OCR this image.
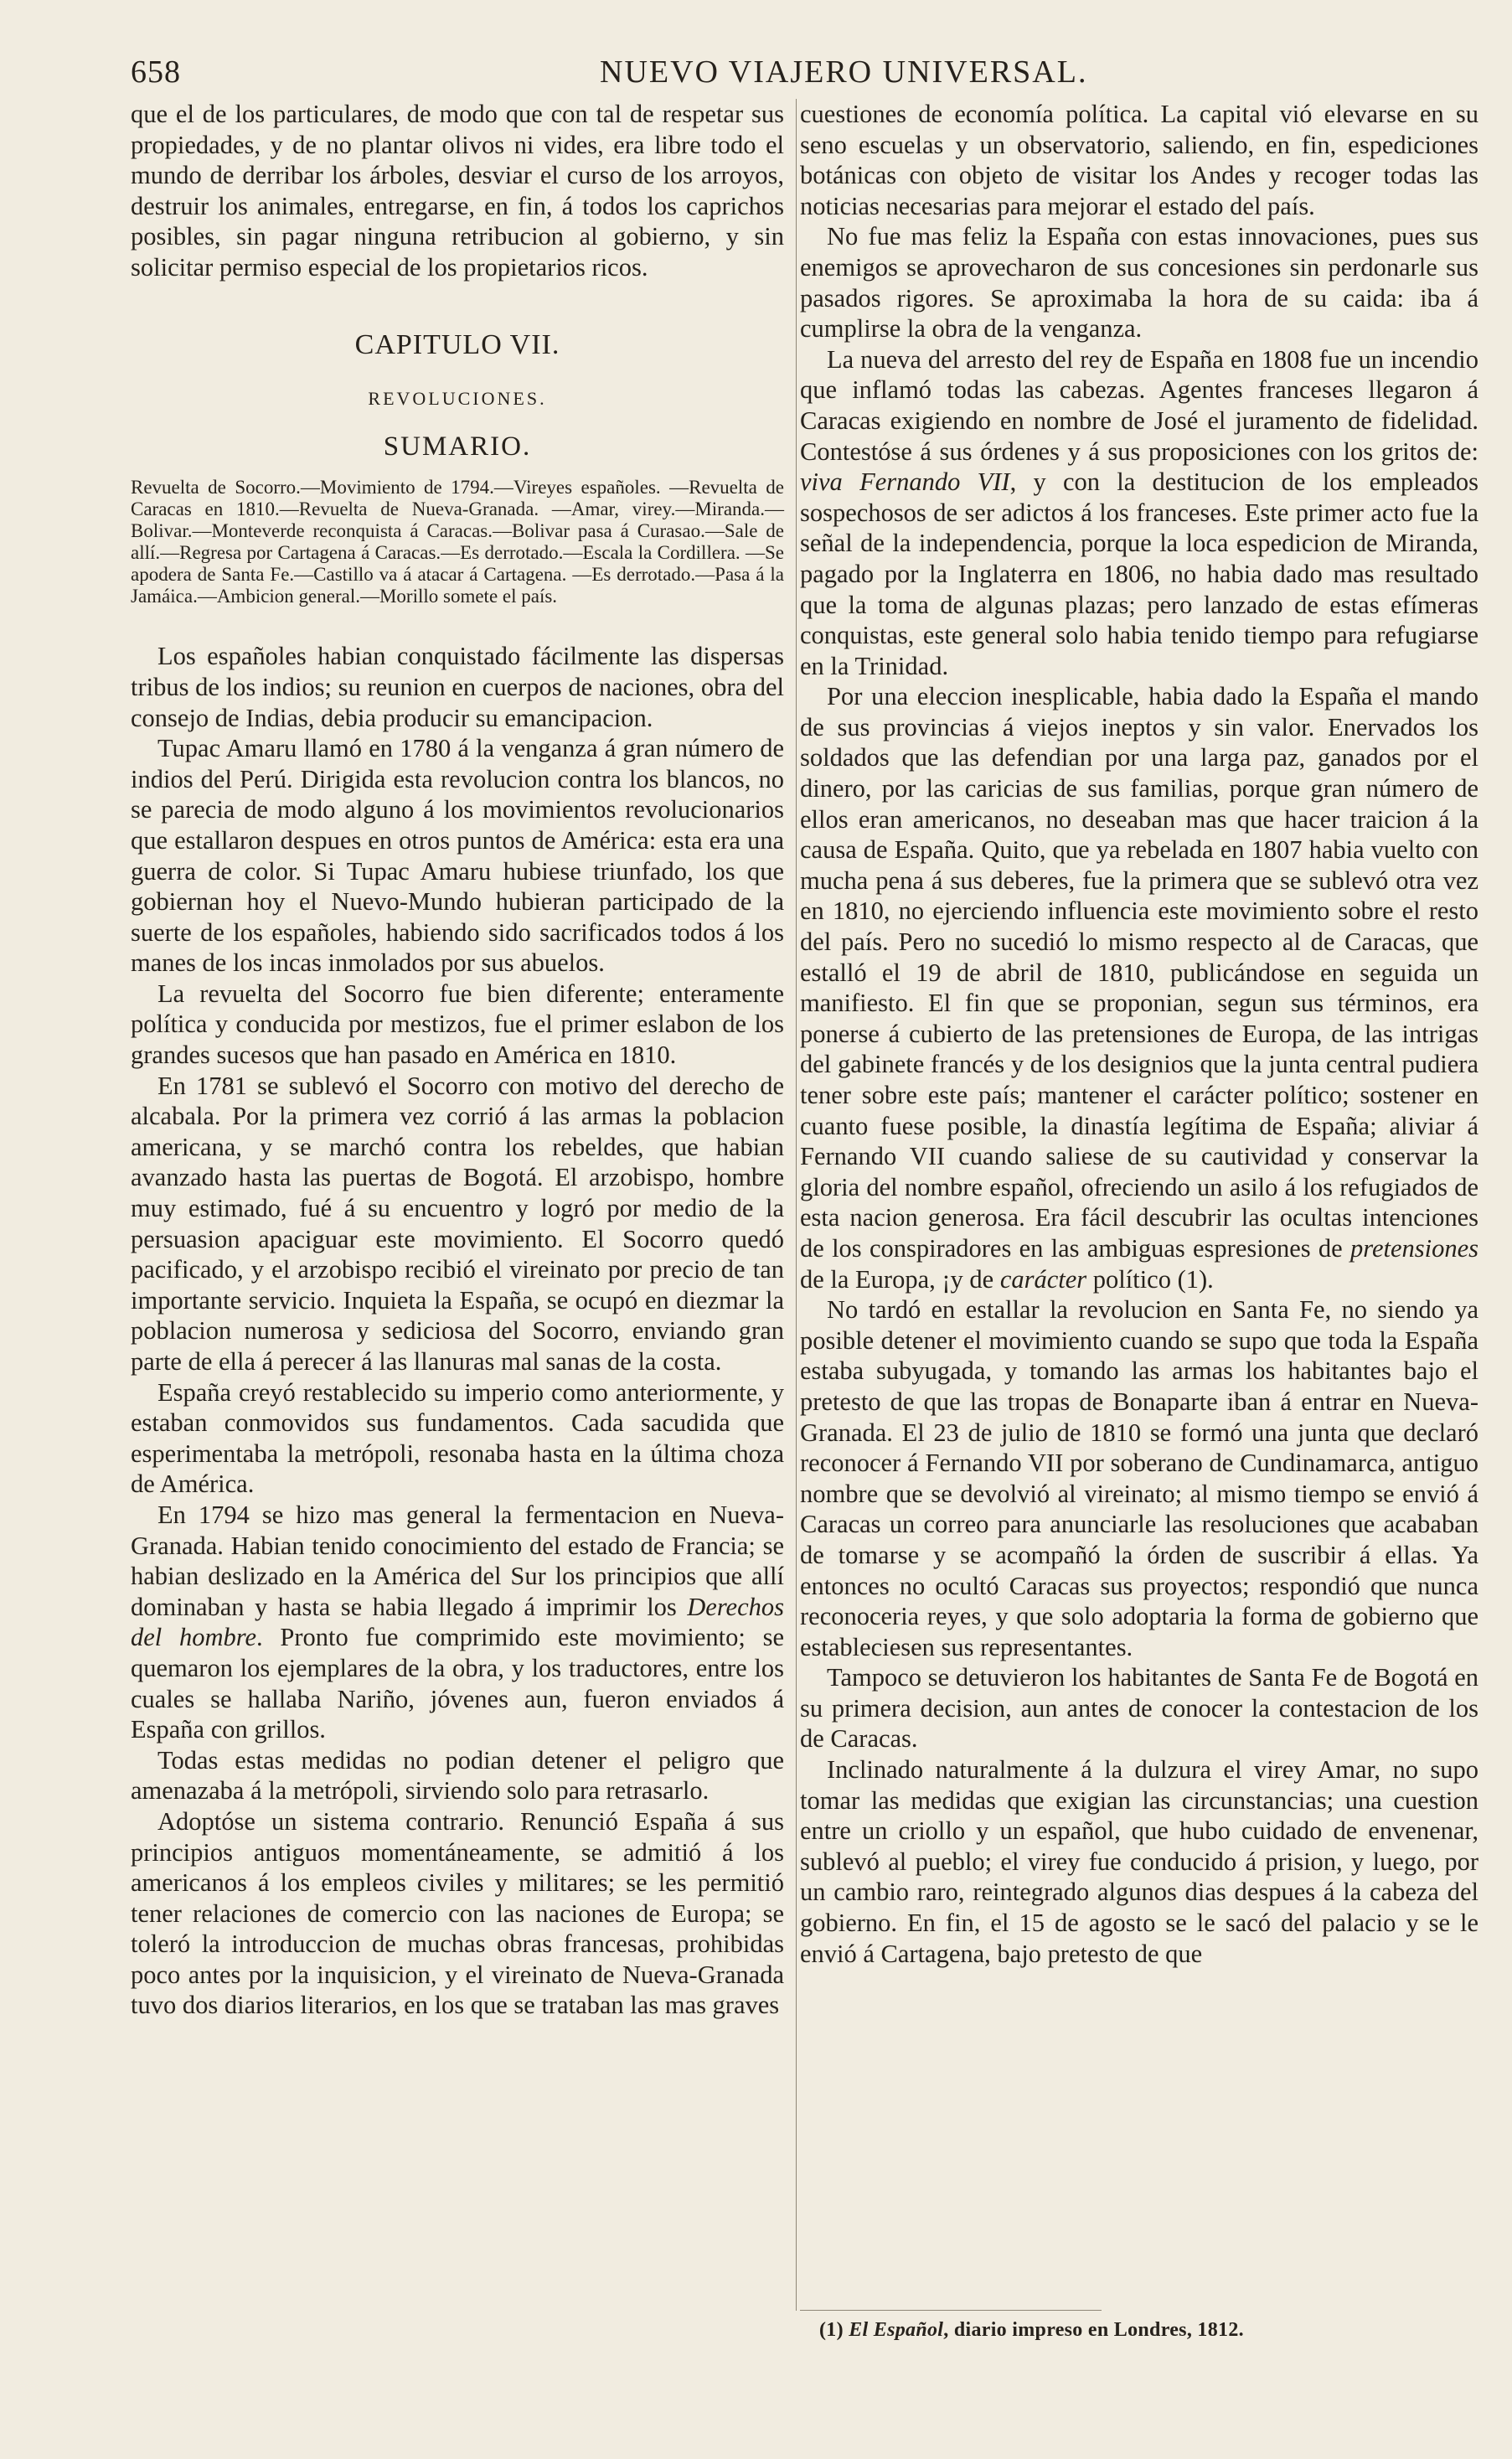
658	NUEVO VIAJERO UNIVERSAL.

que el de los particulares, de modo que con tal de respetar sus propiedades, y de no plantar olivos ni vides, era libre todo el mundo de derribar los árboles, desviar el curso de los arroyos, destruir los animales, entregarse, en fin, á todos los caprichos posibles, sin pagar ninguna retribucion al gobierno, y sin solicitar permiso especial de los propietarios ricos.

CAPITULO VII.
REVOLUCIONES.
SUMARIO.
Revuelta de Socorro.—Movimiento de 1794.—Vireyes españoles. —Revuelta de Caracas en 1810.—Revuelta de Nueva-Granada. —Amar, virey.—Miranda.—Bolivar.—Monteverde reconquista á Caracas.—Bolivar pasa á Curasao.—Sale de allí.—Regresa por Cartagena á Caracas.—Es derrotado.—Escala la Cordillera. —Se apodera de Santa Fe.—Castillo va á atacar á Cartagena. —Es derrotado.—Pasa á la Jamáica.—Ambicion general.—Morillo somete el país.

Los españoles habian conquistado fácilmente las dispersas tribus de los indios; su reunion en cuerpos de naciones, obra del consejo de Indias, debia producir su emancipacion.

Tupac Amaru llamó en 1780 á la venganza á gran número de indios del Perú. Dirigida esta revolucion contra los blancos, no se parecia de modo alguno á los movimientos revolucionarios que estallaron despues en otros puntos de América: esta era una guerra de color. Si Tupac Amaru hubiese triunfado, los que gobiernan hoy el Nuevo-Mundo hubieran participado de la suerte de los españoles, habiendo sido sacrificados todos á los manes de los incas inmolados por sus abuelos.

La revuelta del Socorro fue bien diferente; enteramente política y conducida por mestizos, fue el primer eslabon de los grandes sucesos que han pasado en América en 1810.

En 1781 se sublevó el Socorro con motivo del derecho de alcabala. Por la primera vez corrió á las armas la poblacion americana, y se marchó contra los rebeldes, que habian avanzado hasta las puertas de Bogotá. El arzobispo, hombre muy estimado, fué á su encuentro y logró por medio de la persuasion apaciguar este movimiento. El Socorro quedó pacificado, y el arzobispo recibió el vireinato por precio de tan importante servicio. Inquieta la España, se ocupó en diezmar la poblacion numerosa y sediciosa del Socorro, enviando gran parte de ella á perecer á las llanuras mal sanas de la costa.

España creyó restablecido su imperio como anteriormente, y estaban conmovidos sus fundamentos. Cada sacudida que esperimentaba la metrópoli, resonaba hasta en la última choza de América.

En 1794 se hizo mas general la fermentacion en Nueva-Granada. Habian tenido conocimiento del estado de Francia; se habian deslizado en la América del Sur los principios que allí dominaban y hasta se habia llegado á imprimir los Derechos del hombre. Pronto fue comprimido este movimiento; se quemaron los ejemplares de la obra, y los traductores, entre los cuales se hallaba Nariño, jóvenes aun, fueron enviados á España con grillos.

Todas estas medidas no podian detener el peligro que amenazaba á la metrópoli, sirviendo solo para retrasarlo.

Adoptóse un sistema contrario. Renunció España á sus principios antiguos momentáneamente, se admitió á los americanos á los empleos civiles y militares; se les permitió tener relaciones de comercio con las naciones de Europa; se toleró la introduccion de muchas obras francesas, prohibidas poco antes por la inquisicion, y el vireinato de Nueva-Granada tuvo dos diarios literarios, en los que se trataban las mas graves

cuestiones de economía política. La capital vió elevarse en su seno escuelas y un observatorio, saliendo, en fin, espediciones botánicas con objeto de visitar los Andes y recoger todas las noticias necesarias para mejorar el estado del país.

No fue mas feliz la España con estas innovaciones, pues sus enemigos se aprovecharon de sus concesiones sin perdonarle sus pasados rigores. Se aproximaba la hora de su caida: iba á cumplirse la obra de la venganza.

La nueva del arresto del rey de España en 1808 fue un incendio que inflamó todas las cabezas. Agentes franceses llegaron á Caracas exigiendo en nombre de José el juramento de fidelidad. Contestóse á sus órdenes y á sus proposiciones con los gritos de: viva Fernando VII, y con la destitucion de los empleados sospechosos de ser adictos á los franceses. Este primer acto fue la señal de la independencia, porque la loca espedicion de Miranda, pagado por la Inglaterra en 1806, no habia dado mas resultado que la toma de algunas plazas; pero lanzado de estas efímeras conquistas, este general solo habia tenido tiempo para refugiarse en la Trinidad.

Por una eleccion inesplicable, habia dado la España el mando de sus provincias á viejos ineptos y sin valor. Enervados los soldados que las defendian por una larga paz, ganados por el dinero, por las caricias de sus familias, porque gran número de ellos eran americanos, no deseaban mas que hacer traicion á la causa de España. Quito, que ya rebelada en 1807 habia vuelto con mucha pena á sus deberes, fue la primera que se sublevó otra vez en 1810, no ejerciendo influencia este movimiento sobre el resto del país. Pero no sucedió lo mismo respecto al de Caracas, que estalló el 19 de abril de 1810, publicándose en seguida un manifiesto. El fin que se proponian, segun sus términos, era ponerse á cubierto de las pretensiones de Europa, de las intrigas del gabinete francés y de los designios que la junta central pudiera tener sobre este país; mantener el carácter político; sostener en cuanto fuese posible, la dinastía legítima de España; aliviar á Fernando VII cuando saliese de su cautividad y conservar la gloria del nombre español, ofreciendo un asilo á los refugiados de esta nacion generosa. Era fácil descubrir las ocultas intenciones de los conspiradores en las ambiguas espresiones de pretensiones de la Europa, ¡y de carácter político (1).

No tardó en estallar la revolucion en Santa Fe, no siendo ya posible detener el movimiento cuando se supo que toda la España estaba subyugada, y tomando las armas los habitantes bajo el pretesto de que las tropas de Bonaparte iban á entrar en Nueva-Granada. El 23 de julio de 1810 se formó una junta que declaró reconocer á Fernando VII por soberano de Cundinamarca, antiguo nombre que se devolvió al vireinato; al mismo tiempo se envió á Caracas un correo para anunciarle las resoluciones que acababan de tomarse y se acompañó la órden de suscribir á ellas. Ya entonces no ocultó Caracas sus proyectos; respondió que nunca reconoceria reyes, y que solo adoptaria la forma de gobierno que estableciesen sus representantes.

Tampoco se detuvieron los habitantes de Santa Fe de Bogotá en su primera decision, aun antes de conocer la contestacion de los de Caracas.

Inclinado naturalmente á la dulzura el virey Amar, no supo tomar las medidas que exigian las circunstancias; una cuestion entre un criollo y un español, que hubo cuidado de envenenar, sublevó al pueblo; el virey fue conducido á prision, y luego, por un cambio raro, reintegrado algunos dias despues á la cabeza del gobierno. En fin, el 15 de agosto se le sacó del palacio y se le envió á Cartagena, bajo pretesto de que

(1) El Español, diario impreso en Londres, 1812.
